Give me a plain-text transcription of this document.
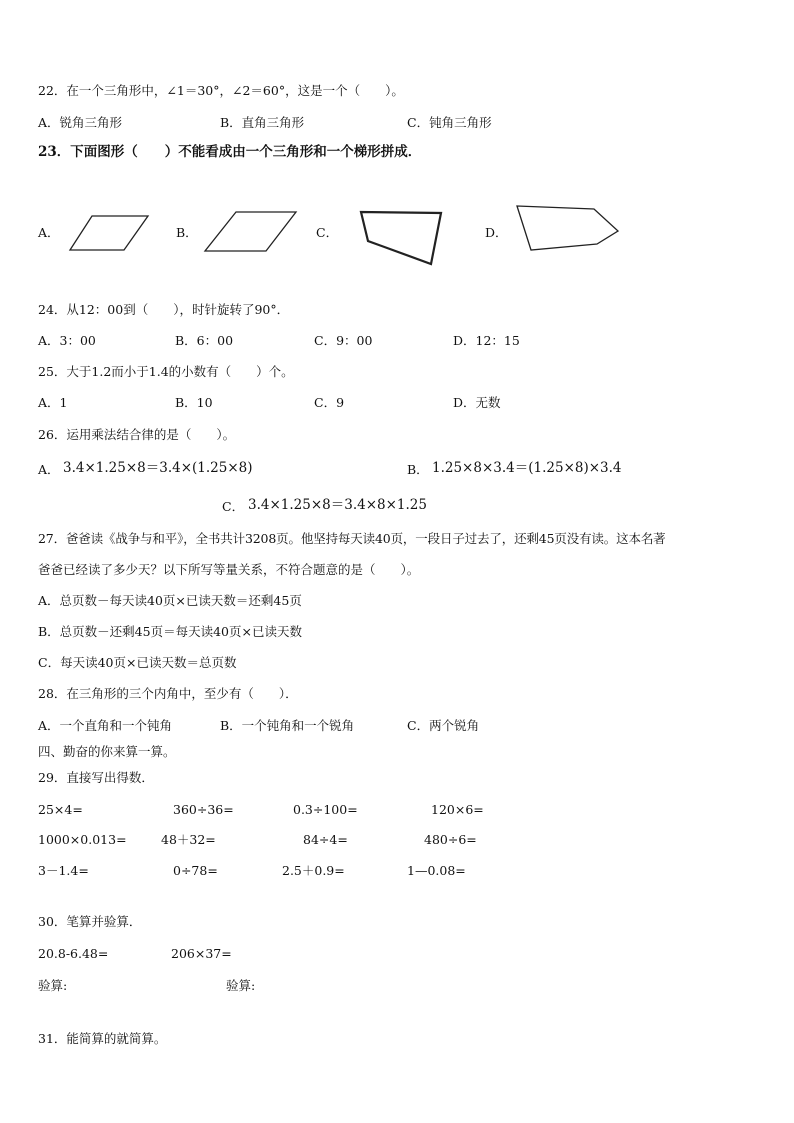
22．在一个三角形中，∠1＝30°，∠2＝60°，这是一个（　　）。
A．锐角三角形	B．直角三角形	C．钝角三角形
23．下面图形（　　）不能看成由一个三角形和一个梯形拼成．
A．	B．	C．	D．
24．从12：00到（　　），时针旋转了90°．
A．3：00	B．6：00	C．9：00	D．12：15
25．大于1.2而小于1.4的小数有（　　）个。
A．1	B．10	C．9	D．无数
26．运用乘法结合律的是（　　）。
A． 3.4×1.25×8＝3.4×(1.25×8)	B． 1.25×8×3.4＝(1.25×8)×3.4
C． 3.4×1.25×8＝3.4×8×1.25
27．爸爸读《战争与和平》，全书共计3208页。他坚持每天读40页，一段日子过去了，还剩45页没有读。这本名著
爸爸已经读了多少天？以下所写等量关系，不符合题意的是（　　）。
A．总页数－每天读40页×已读天数＝还剩45页
B．总页数－还剩45页＝每天读40页×已读天数
C．每天读40页×已读天数＝总页数
28．在三角形的三个内角中，至少有（　　）．
A．一个直角和一个钝角	B．一个钝角和一个锐角	C．两个锐角
四、勤奋的你来算一算。
29．直接写出得数．
25×4=	360÷36=	0.3÷100=	120×6=
1000×0.013=	48＋32=	84÷4=	480÷6=
3－1.4=	0÷78=	2.5＋0.9=	1—0.08=
30．笔算并验算．
20.8-6.48=	206×37=
验算:	验算:
31．能简算的就简算。
